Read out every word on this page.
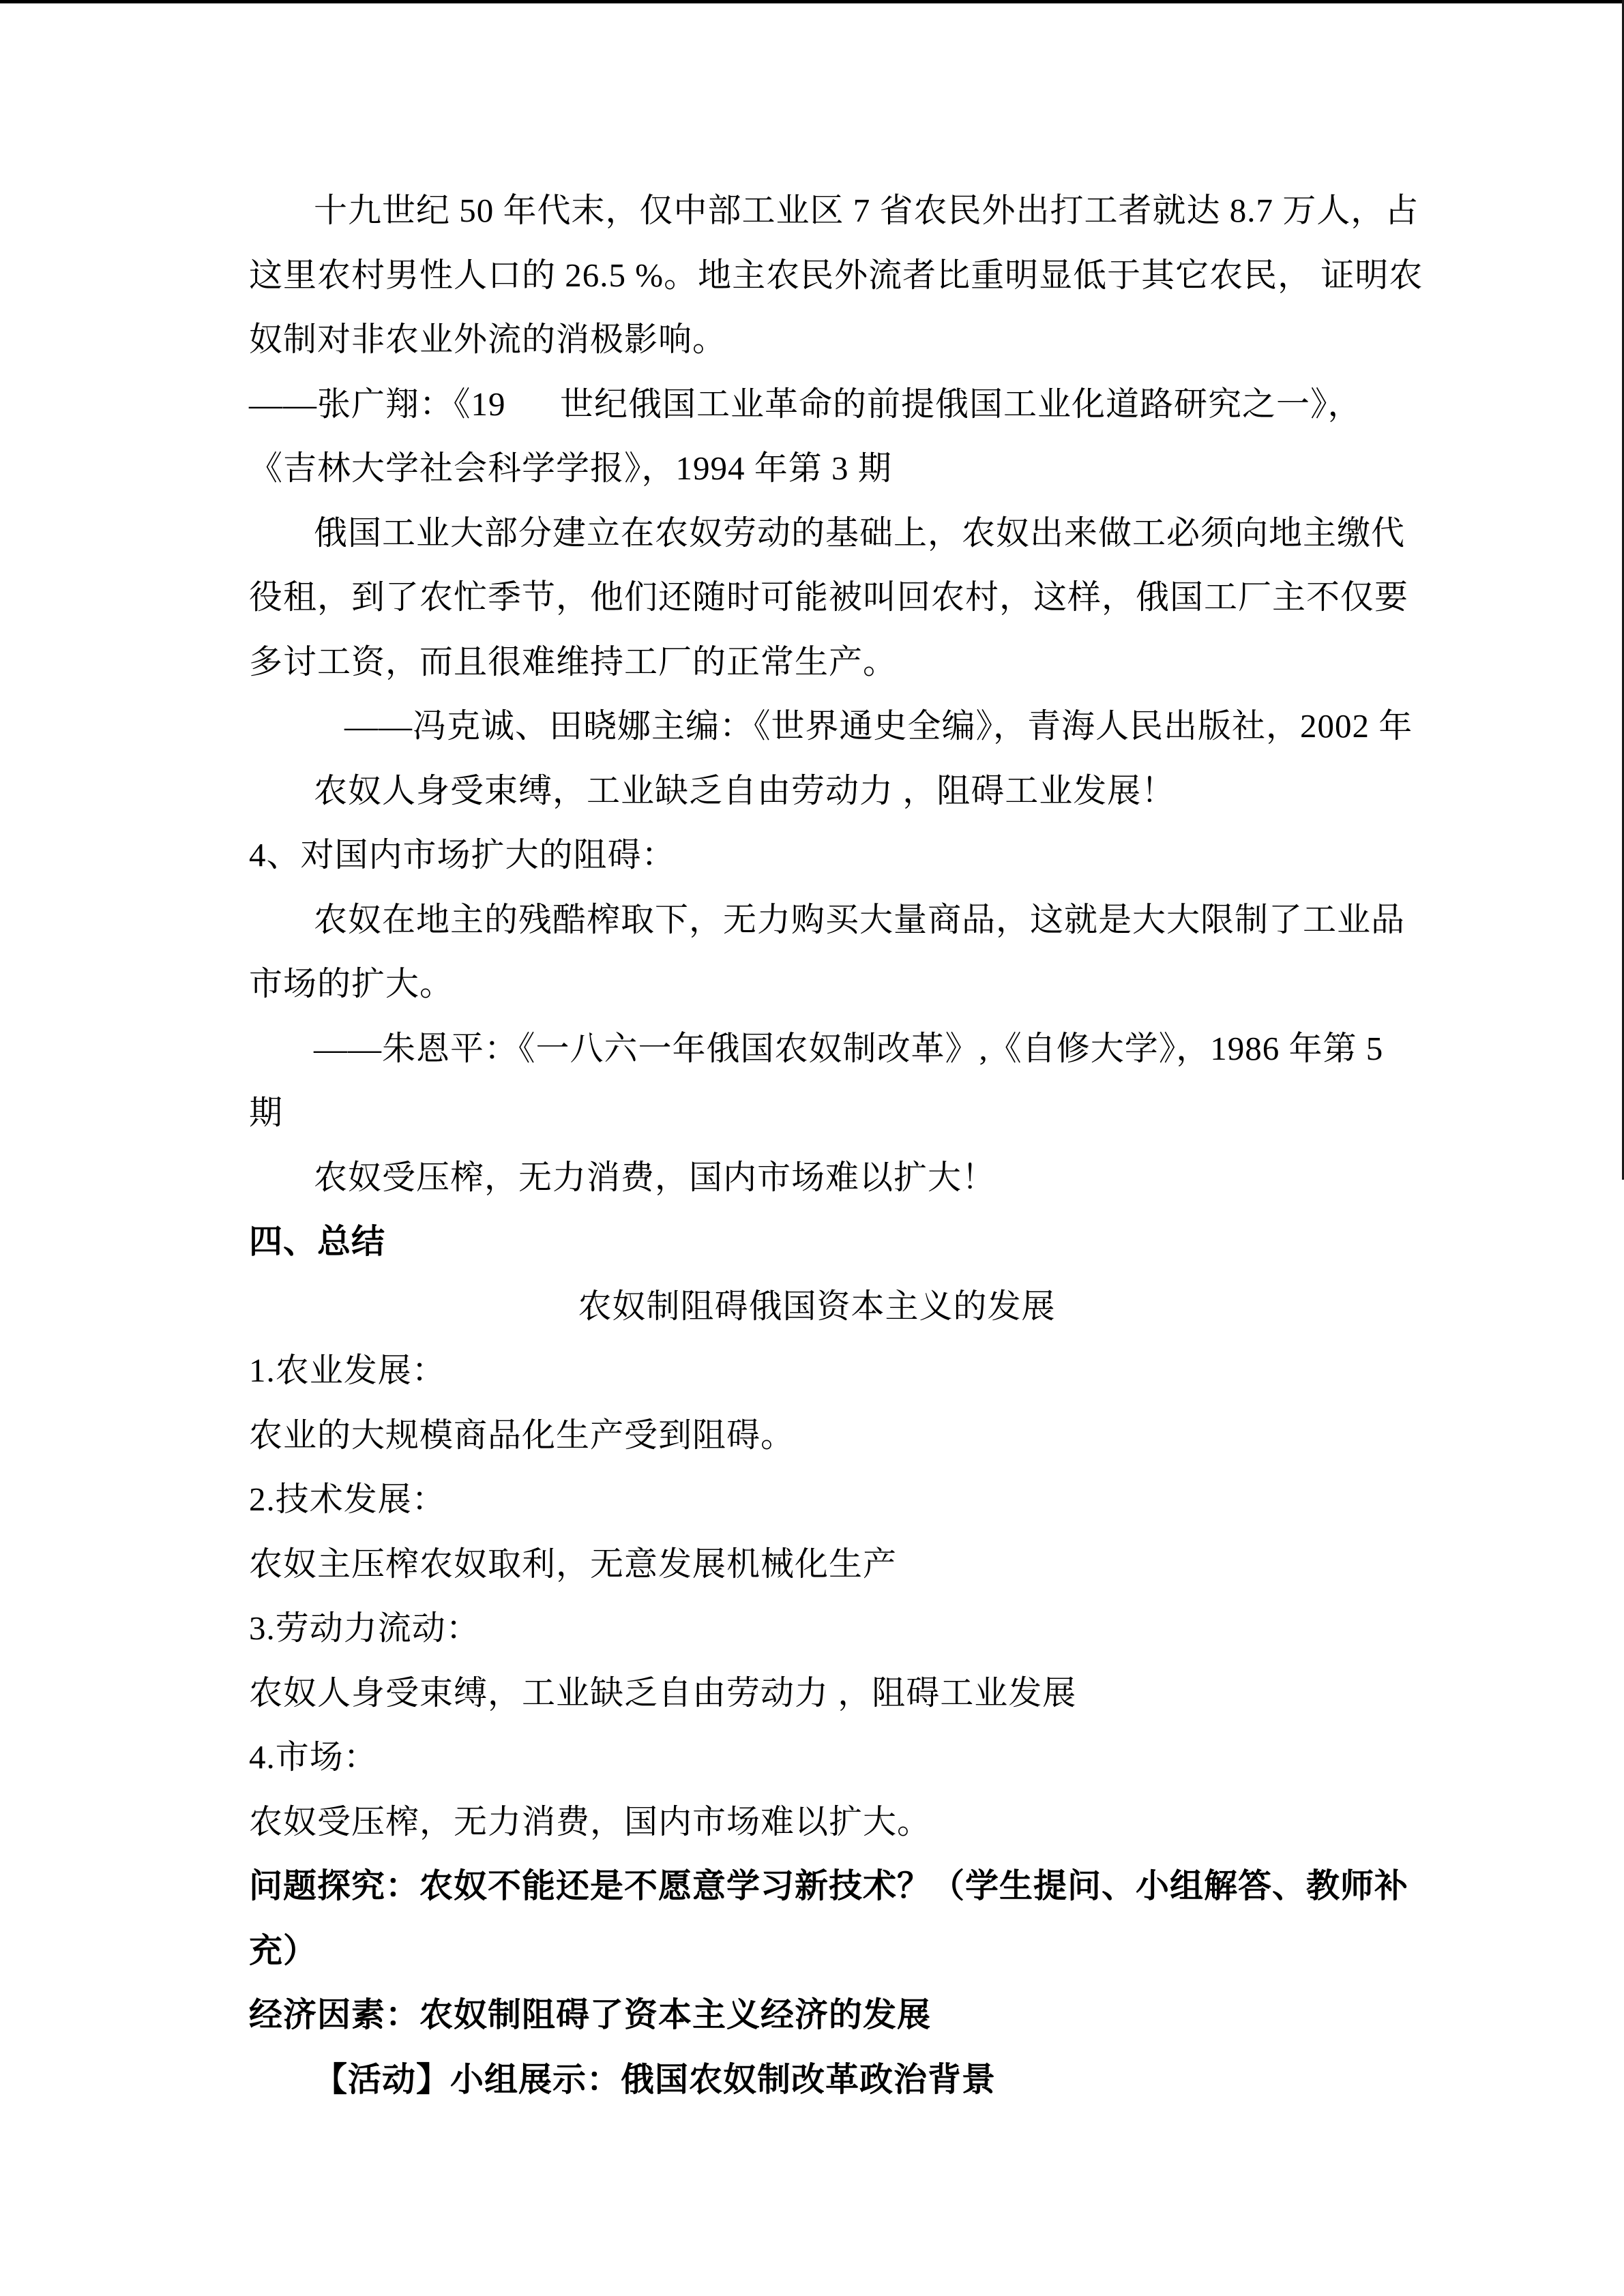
十九世纪 50 年代末，仅中部工业区 7 省农民外出打工者就达 8.7 万人，占
这里农村男性人口的 26.5 %。地主农民外流者比重明显低于其它农民， 证明农
奴制对非农业外流的消极影响。
——张广翔：《19      世纪俄国工业革命的前提俄国工业化道路研究之一》，
《吉林大学社会科学学报》，1994 年第 3 期
俄国工业大部分建立在农奴劳动的基础上，农奴出来做工必须向地主缴代
役租，到了农忙季节，他们还随时可能被叫回农村，这样，俄国工厂主不仅要
多讨工资，而且很难维持工厂的正常生产。
——冯克诚、田晓娜主编：《世界通史全编》，青海人民出版社，2002 年
农奴人身受束缚，工业缺乏自由劳动力 ，阻碍工业发展！
4、对国内市场扩大的阻碍：
农奴在地主的残酷榨取下，无力购买大量商品，这就是大大限制了工业品
市场的扩大。
——朱恩平：《一八六一年俄国农奴制改革》,《自修大学》，1986 年第 5
期
农奴受压榨，无力消费，国内市场难以扩大！
四、总结
农奴制阻碍俄国资本主义的发展
1.农业发展：
农业的大规模商品化生产受到阻碍。
2.技术发展：
农奴主压榨农奴取利，无意发展机械化生产
3.劳动力流动：
农奴人身受束缚，工业缺乏自由劳动力 ，阻碍工业发展
4.市场：
农奴受压榨，无力消费，国内市场难以扩大。
问题探究：农奴不能还是不愿意学习新技术？（学生提问、小组解答、教师补
充）
经济因素：农奴制阻碍了资本主义经济的发展
【活动】小组展示：俄国农奴制改革政治背景
